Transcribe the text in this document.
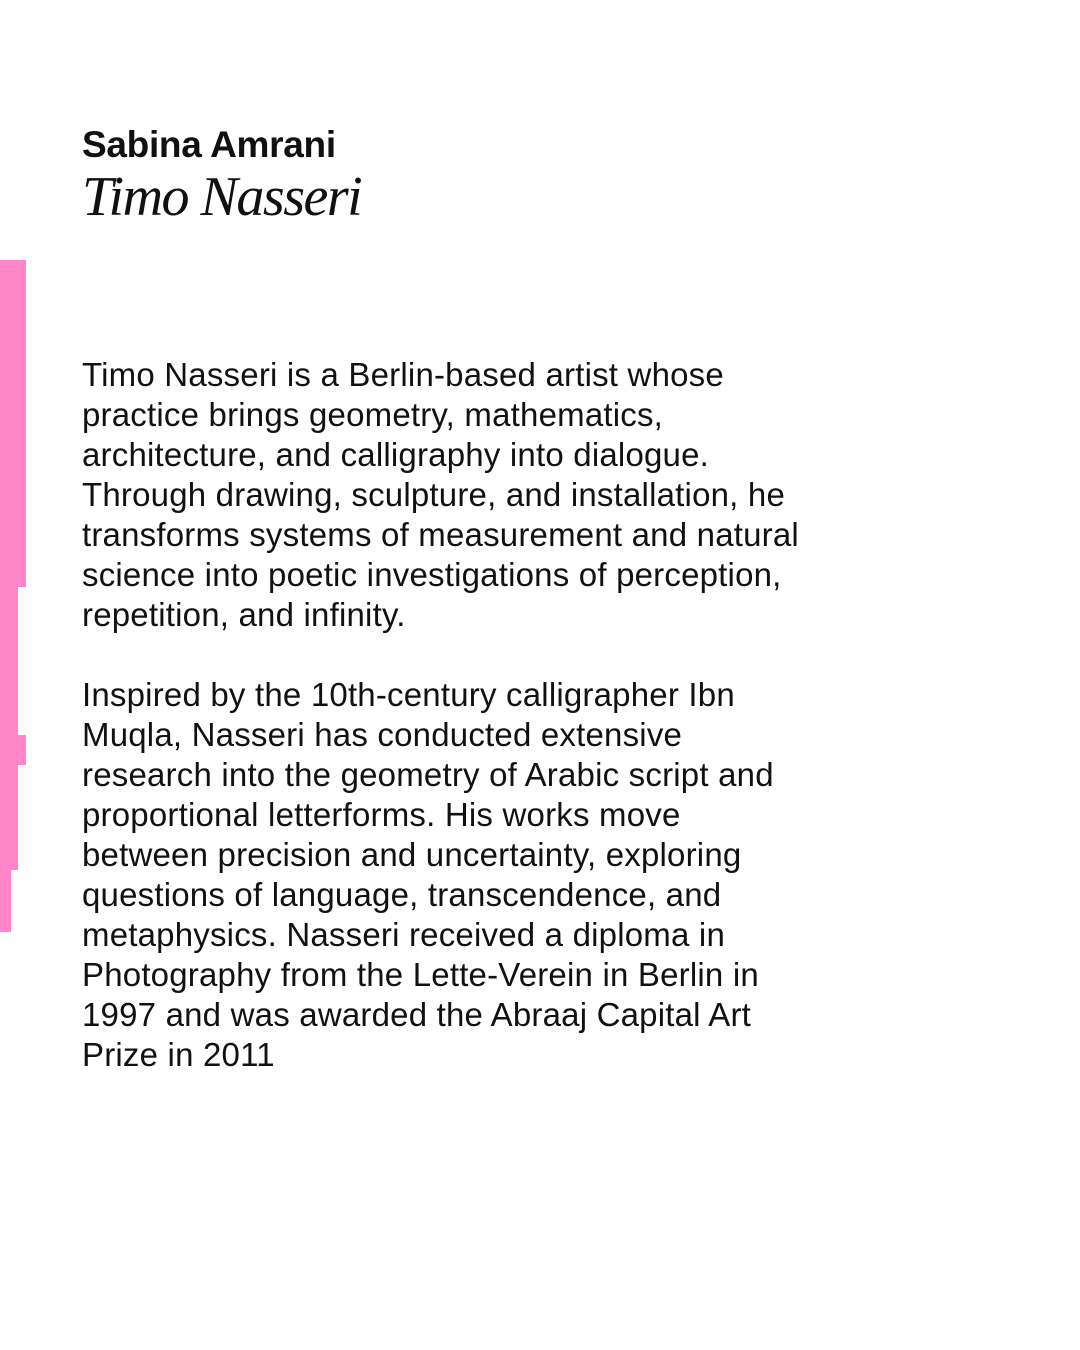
Sabina Amrani
Timo Nasseri

Timo Nasseri is a Berlin-based artist whose
practice brings geometry, mathematics,
architecture, and calligraphy into dialogue.
Through drawing, sculpture, and installation, he
transforms systems of measurement and natural
science into poetic investigations of perception,
repetition, and infinity.

Inspired by the 10th-century calligrapher Ibn
Muqla, Nasseri has conducted extensive
research into the geometry of Arabic script and
proportional letterforms. His works move
between precision and uncertainty, exploring
questions of language, transcendence, and
metaphysics. Nasseri received a diploma in
Photography from the Lette-Verein in Berlin in
1997 and was awarded the Abraaj Capital Art
Prize in 2011
